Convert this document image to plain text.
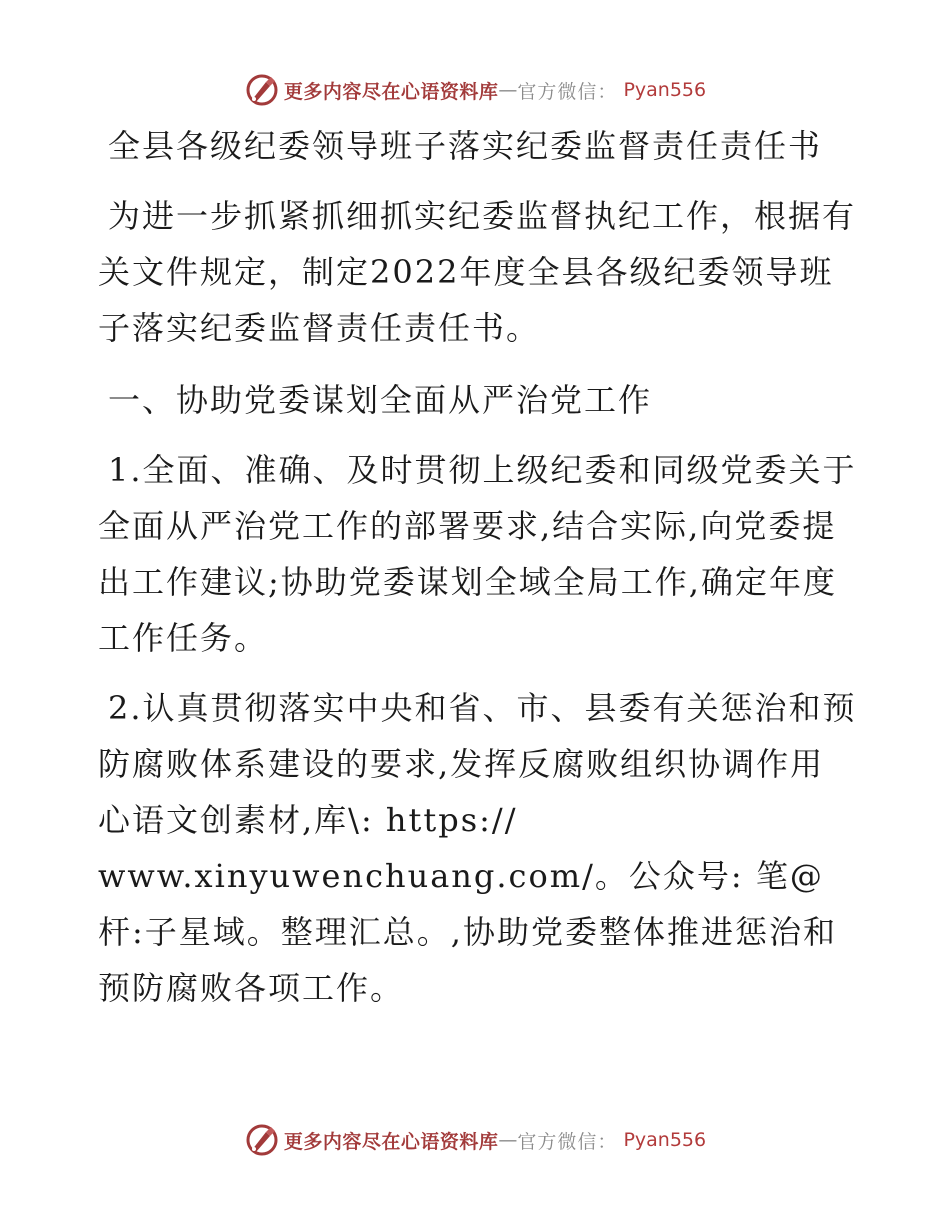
更多内容尽在心语资料库 — 官方微信： Pyan556
全县各级纪委领导班子落实纪委监督责任责任书

为进一步抓紧抓细抓实纪委监督执纪工作，根据有关文件规定，制定2022年度全县各级纪委领导班子落实纪委监督责任责任书。

一、协助党委谋划全面从严治党工作

1.全面、准确、及时贯彻上级纪委和同级党委关于全面从严治党工作的部署要求,结合实际,向党委提出工作建议;协助党委谋划全域全局工作,确定年度工作任务。

2.认真贯彻落实中央和省、市、县委有关惩治和预防腐败体系建设的要求,发挥反腐败组织协调作用心语文创素材,库\: https://
www.xinyuwenchuang.com/。公众号: 笔@杆:子星域。整理汇总。,协助党委整体推进惩治和预防腐败各项工作。

更多内容尽在心语资料库 — 官方微信： Pyan556
